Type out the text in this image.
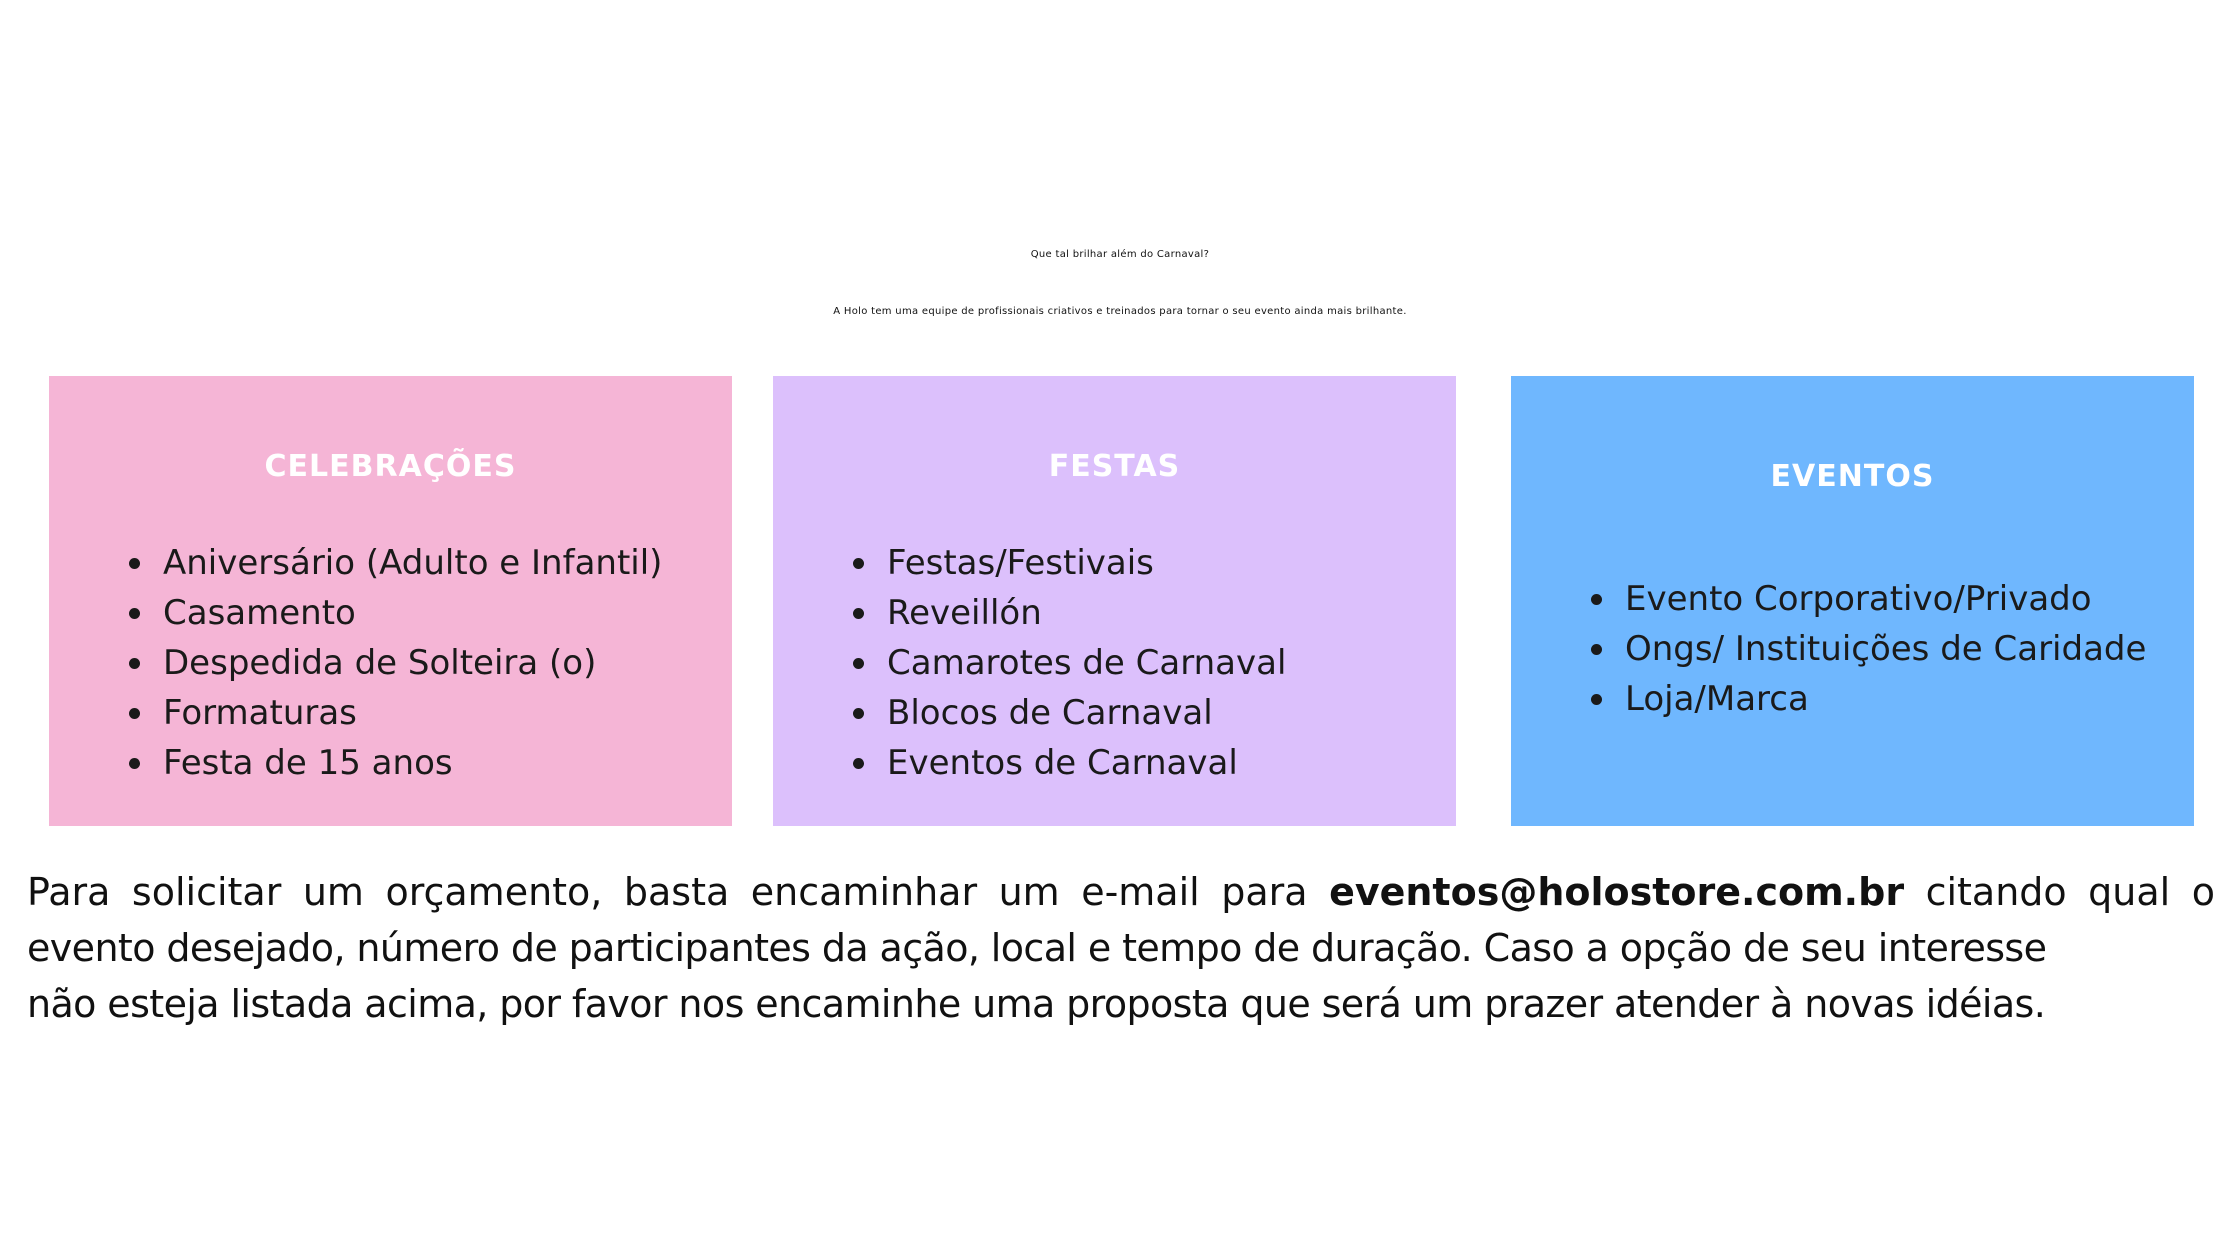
Que tal brilhar além do Carnaval?
A Holo tem uma equipe de profissionais criativos e treinados para tornar o seu evento ainda mais brilhante.
CELEBRAÇÕES
Aniversário (Adulto e Infantil)
Casamento
Despedida de Solteira (o)
Formaturas
Festa de 15 anos
FESTAS
Festas/Festivais
Reveillón
Camarotes de Carnaval
Blocos de Carnaval
Eventos de Carnaval
EVENTOS
Evento Corporativo/Privado
Ongs/ Instituições de Caridade
Loja/Marca
Para solicitar um orçamento, basta encaminhar um e-mail para eventos@holostore.com.br citando qual o
evento desejado, número de participantes da ação, local e tempo de duração. Caso a opção de seu interesse
não esteja listada acima, por favor nos encaminhe uma proposta que será um prazer atender à novas idéias.
